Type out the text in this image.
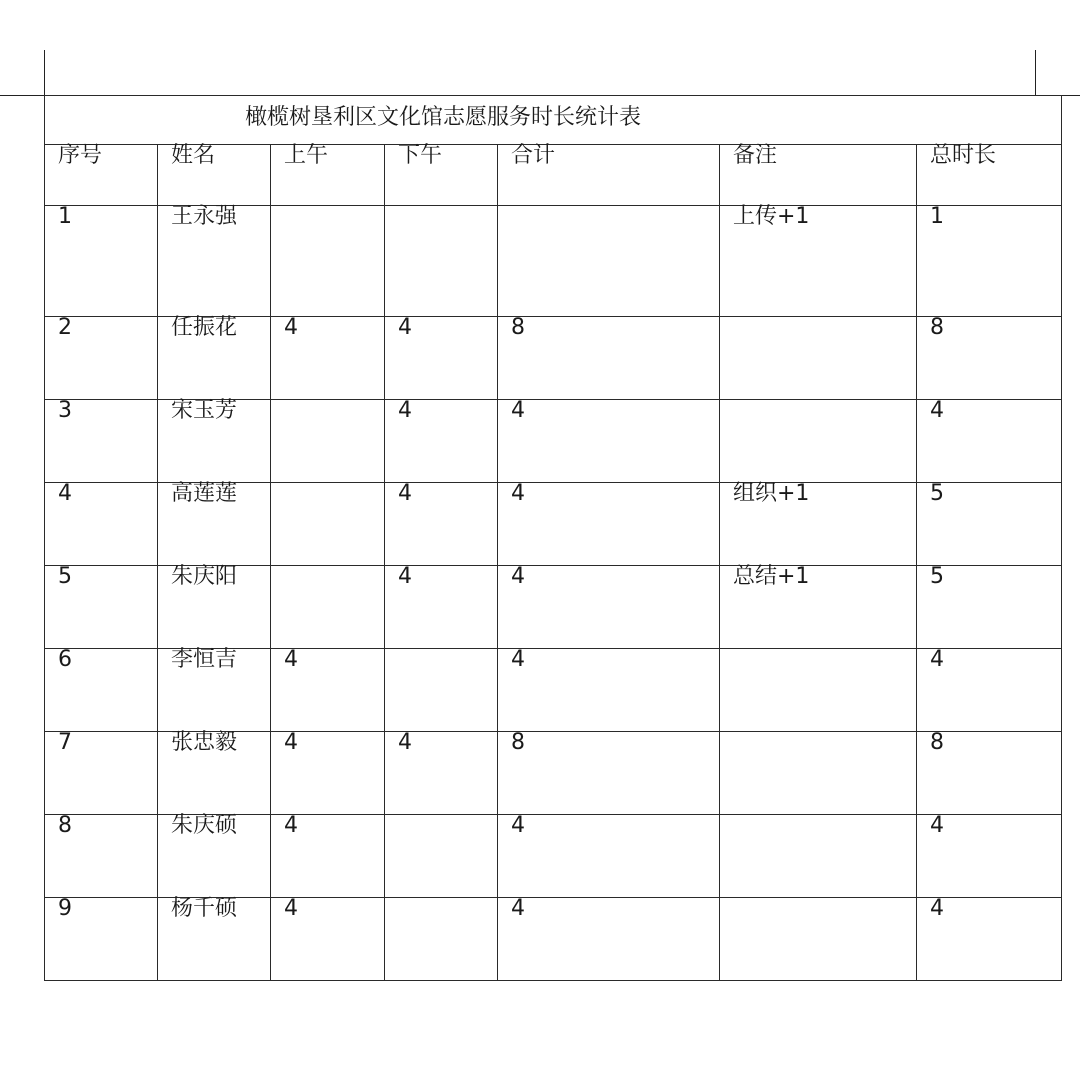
橄榄树垦利区文化馆志愿服务时长统计表						
序号	姓名	上午	下午	合计	备注	总时长
1	王永强				上传+1	1
2	任振花	4	4	8		8
3	宋玉芳		4	4		4
4	高莲莲		4	4	组织+1	5
5	朱庆阳		4	4	总结+1	5
6	李恒吉	4		4		4
7	张忠毅	4	4	8		8
8	朱庆硕	4		4		4
9	杨千硕	4		4		4
